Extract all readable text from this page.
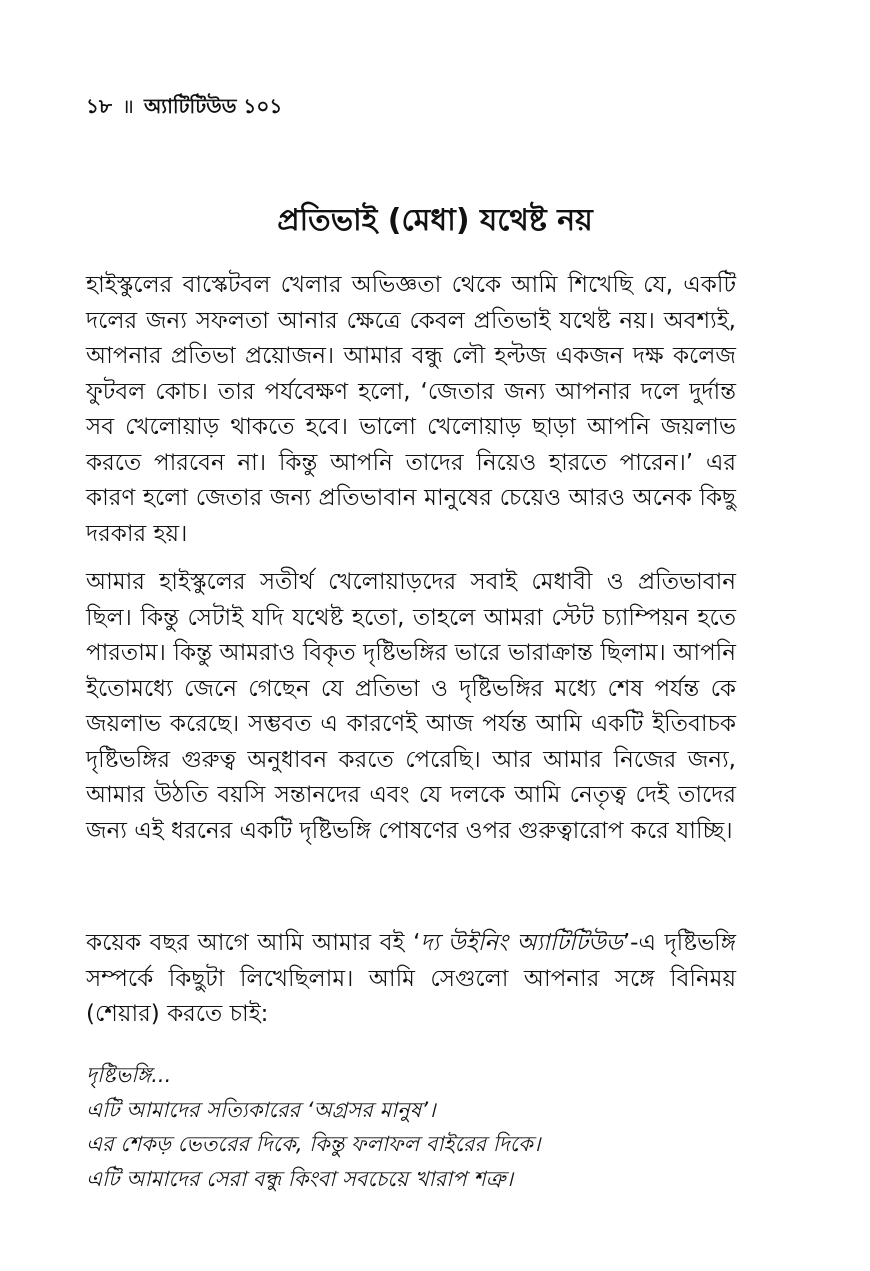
১৮ ॥ অ্যাটিটিউড ১০১
প্রতিভাই (মেধা) যথেষ্ট নয়

হাইস্কুলের বাস্কেটবল খেলার অভিজ্ঞতা থেকে আমি শিখেছি যে, একটি দলের জন্য সফলতা আনার ক্ষেত্রে কেবল প্রতিভাই যথেষ্ট নয়। অবশ্যই, আপনার প্রতিভা প্রয়োজন। আমার বন্ধু লৌ হল্টজ একজন দক্ষ কলেজ ফুটবল কোচ। তার পর্যবেক্ষণ হলো, ‘জেতার জন্য আপনার দলে দুর্দান্ত সব খেলোয়াড় থাকতে হবে। ভালো খেলোয়াড় ছাড়া আপনি জয়লাভ করতে পারবেন না। কিন্তু আপনি তাদের নিয়েও হারতে পারেন।’ এর কারণ হলো জেতার জন্য প্রতিভাবান মানুষের চেয়েও আরও অনেক কিছু দরকার হয়।

আমার হাইস্কুলের সতীর্থ খেলোয়াড়দের সবাই মেধাবী ও প্রতিভাবান ছিল। কিন্তু সেটাই যদি যথেষ্ট হতো, তাহলে আমরা স্টেট চ্যাম্পিয়ন হতে পারতাম। কিন্তু আমরাও বিকৃত দৃষ্টিভঙ্গির ভারে ভারাক্রান্ত ছিলাম। আপনি ইতোমধ্যে জেনে গেছেন যে প্রতিভা ও দৃষ্টিভঙ্গির মধ্যে শেষ পর্যন্ত কে জয়লাভ করেছে। সম্ভবত এ কারণেই আজ পর্যন্ত আমি একটি ইতিবাচক দৃষ্টিভঙ্গির গুরুত্ব অনুধাবন করতে পেরেছি। আর আমার নিজের জন্য, আমার উঠতি বয়সি সন্তানদের এবং যে দলকে আমি নেতৃত্ব দেই তাদের জন্য এই ধরনের একটি দৃষ্টিভঙ্গি পোষণের ওপর গুরুত্বারোপ করে যাচ্ছি।

কয়েক বছর আগে আমি আমার বই ‘দ্য উইনিং অ্যাটিটিউড’-এ দৃষ্টিভঙ্গি সম্পর্কে কিছুটা লিখেছিলাম। আমি সেগুলো আপনার সঙ্গে বিনিময় (শেয়ার) করতে চাই:

দৃষ্টিভঙ্গি...
এটি আমাদের সত্যিকারের ‘অগ্রসর মানুষ’।
এর শেকড় ভেতরের দিকে, কিন্তু ফলাফল বাইরের দিকে।
এটি আমাদের সেরা বন্ধু কিংবা সবচেয়ে খারাপ শত্রু।
